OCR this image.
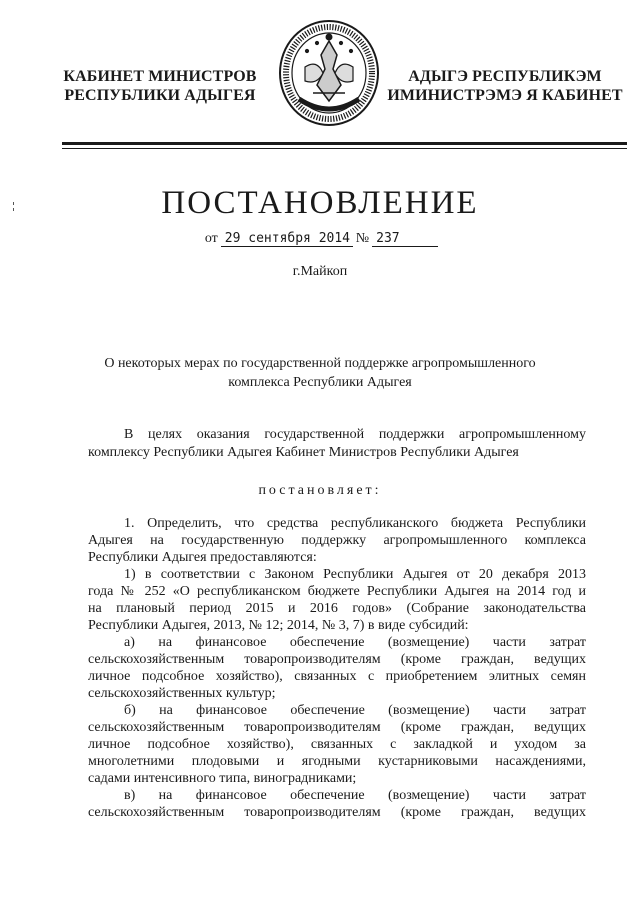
КАБИНЕТ МИНИСТРОВ
РЕСПУБЛИКИ АДЫГЕЯ
АДЫГЭ РЕСПУБЛИКЭМ
ИМИНИСТРЭМЭ Я КАБИНЕТ
ПОСТАНОВЛЕНИЕ
от 29 сентября 2014 № 237
г.Майкоп
О некоторых мерах по государственной поддержке агропромышленного
комплекса Республики Адыгея
В целях оказания государственной поддержки агропромышленному
комплексу Республики Адыгея Кабинет Министров Республики Адыгея
постановляет:
1. Определить, что средства республиканского бюджета Республики
Адыгея на государственную поддержку агропромышленного комплекса
Республики Адыгея предоставляются:
1) в соответствии с Законом Республики Адыгея от 20 декабря 2013
года № 252 «О республиканском бюджете Республики Адыгея на 2014 год и
на плановый период 2015 и 2016 годов» (Собрание законодательства
Республики Адыгея, 2013, № 12; 2014, № 3, 7) в виде субсидий:
а) на финансовое обеспечение (возмещение) части затрат
сельскохозяйственным товаропроизводителям (кроме граждан, ведущих
личное подсобное хозяйство), связанных с приобретением элитных семян
сельскохозяйственных культур;
б) на финансовое обеспечение (возмещение) части затрат
сельскохозяйственным товаропроизводителям (кроме граждан, ведущих
личное подсобное хозяйство), связанных с закладкой и уходом за
многолетними плодовыми и ягодными кустарниковыми насаждениями,
садами интенсивного типа, виноградниками;
в) на финансовое обеспечение (возмещение) части затрат
сельскохозяйственным товаропроизводителям (кроме граждан, ведущих
